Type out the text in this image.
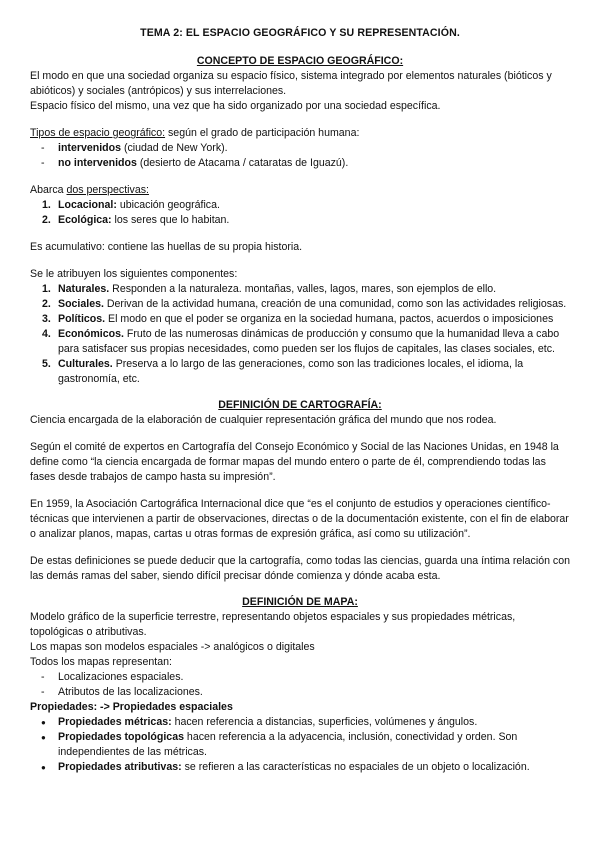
TEMA 2: EL ESPACIO GEOGRÁFICO Y SU REPRESENTACIÓN.

CONCEPTO DE ESPACIO GEOGRÁFICO:

El modo en que una sociedad organiza su espacio físico, sistema integrado por elementos naturales (bióticos y abióticos) y sociales (antrópicos) y sus interrelaciones.

Espacio físico del mismo, una vez que ha sido organizado por una sociedad específica.

Tipos de espacio geográfico: según el grado de participación humana:

- intervenidos (ciudad de New York).
- no intervenidos (desierto de Atacama / cataratas de Iguazú).

Abarca dos perspectivas:

1. Locacional: ubicación geográfica.
2. Ecológica: los seres que lo habitan.

Es acumulativo: contiene las huellas de su propia historia.

Se le atribuyen los siguientes componentes:

1. Naturales. Responden a la naturaleza. montañas, valles, lagos, mares, son ejemplos de ello.
2. Sociales. Derivan de la actividad humana, creación de una comunidad, como son las actividades religiosas.
3. Políticos. El modo en que el poder se organiza en la sociedad humana, pactos, acuerdos o imposiciones
4. Económicos. Fruto de las numerosas dinámicas de producción y consumo que la humanidad lleva a cabo para satisfacer sus propias necesidades, como pueden ser los flujos de capitales, las clases sociales, etc.
5. Culturales. Preserva a lo largo de las generaciones, como son las tradiciones locales, el idioma, la gastronomía, etc.

DEFINICIÓN DE CARTOGRAFÍA:

Ciencia encargada de la elaboración de cualquier representación gráfica del mundo que nos rodea.

Según el comité de expertos en Cartografía del Consejo Económico y Social de las Naciones Unidas, en 1948 la define como “la ciencia encargada de formar mapas del mundo entero o parte de él, comprendiendo todas las fases desde trabajos de campo hasta su impresión”.

En 1959, la Asociación Cartográfica Internacional dice que “es el conjunto de estudios y operaciones científico-técnicas que intervienen a partir de observaciones, directas o de la documentación existente, con el fin de elaborar o analizar planos, mapas, cartas u otras formas de expresión gráfica, así como su utilización”.

De estas definiciones se puede deducir que la cartografía, como todas las ciencias, guarda una íntima relación con las demás ramas del saber, siendo difícil precisar dónde comienza y dónde acaba esta.

DEFINICIÓN DE MAPA:

Modelo gráfico de la superficie terrestre, representando objetos espaciales y sus propiedades métricas, topológicas o atributivas.

Los mapas son modelos espaciales -> analógicos o digitales

Todos los mapas representan:

- Localizaciones espaciales.
- Atributos de las localizaciones.

Propiedades: -> Propiedades espaciales

● Propiedades métricas: hacen referencia a distancias, superficies, volúmenes y ángulos.
● Propiedades topológicas hacen referencia a la adyacencia, inclusión, conectividad y orden. Son independientes de las métricas.
● Propiedades atributivas: se refieren a las características no espaciales de un objeto o localización.
